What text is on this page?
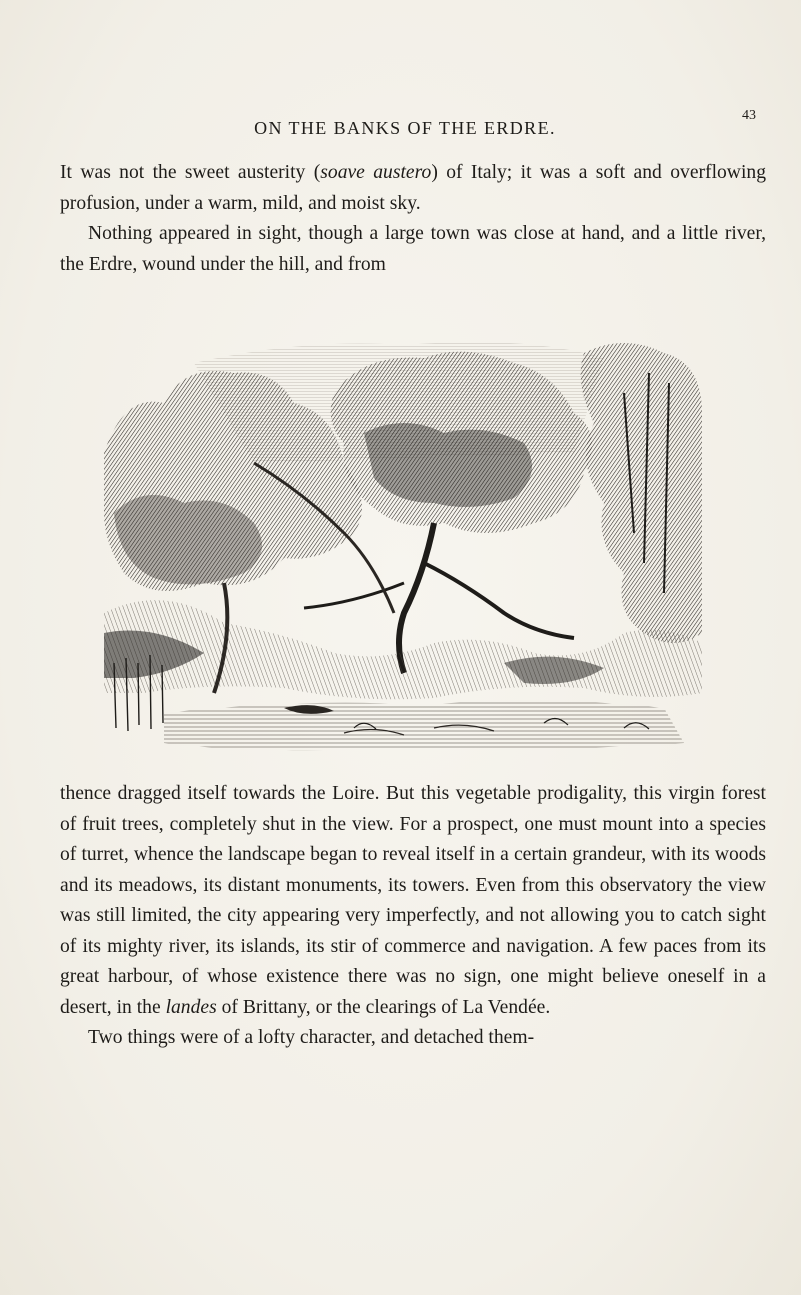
ON THE BANKS OF THE ERDRE.
43

It was not the sweet austerity (soave austero) of Italy; it was a soft and overflowing profusion, under a warm, mild, and moist sky.

Nothing appeared in sight, though a large town was close at hand, and a little river, the Erdre, wound under the hill, and from

thence dragged itself towards the Loire. But this vegetable prodigality, this virgin forest of fruit trees, completely shut in the view. For a prospect, one must mount into a species of turret, whence the landscape began to reveal itself in a certain grandeur, with its woods and its meadows, its distant monuments, its towers. Even from this observatory the view was still limited, the city appearing very imperfectly, and not allowing you to catch sight of its mighty river, its islands, its stir of commerce and navigation. A few paces from its great harbour, of whose existence there was no sign, one might believe oneself in a desert, in the landes of Brittany, or the clearings of La Vendée.

Two things were of a lofty character, and detached them-
